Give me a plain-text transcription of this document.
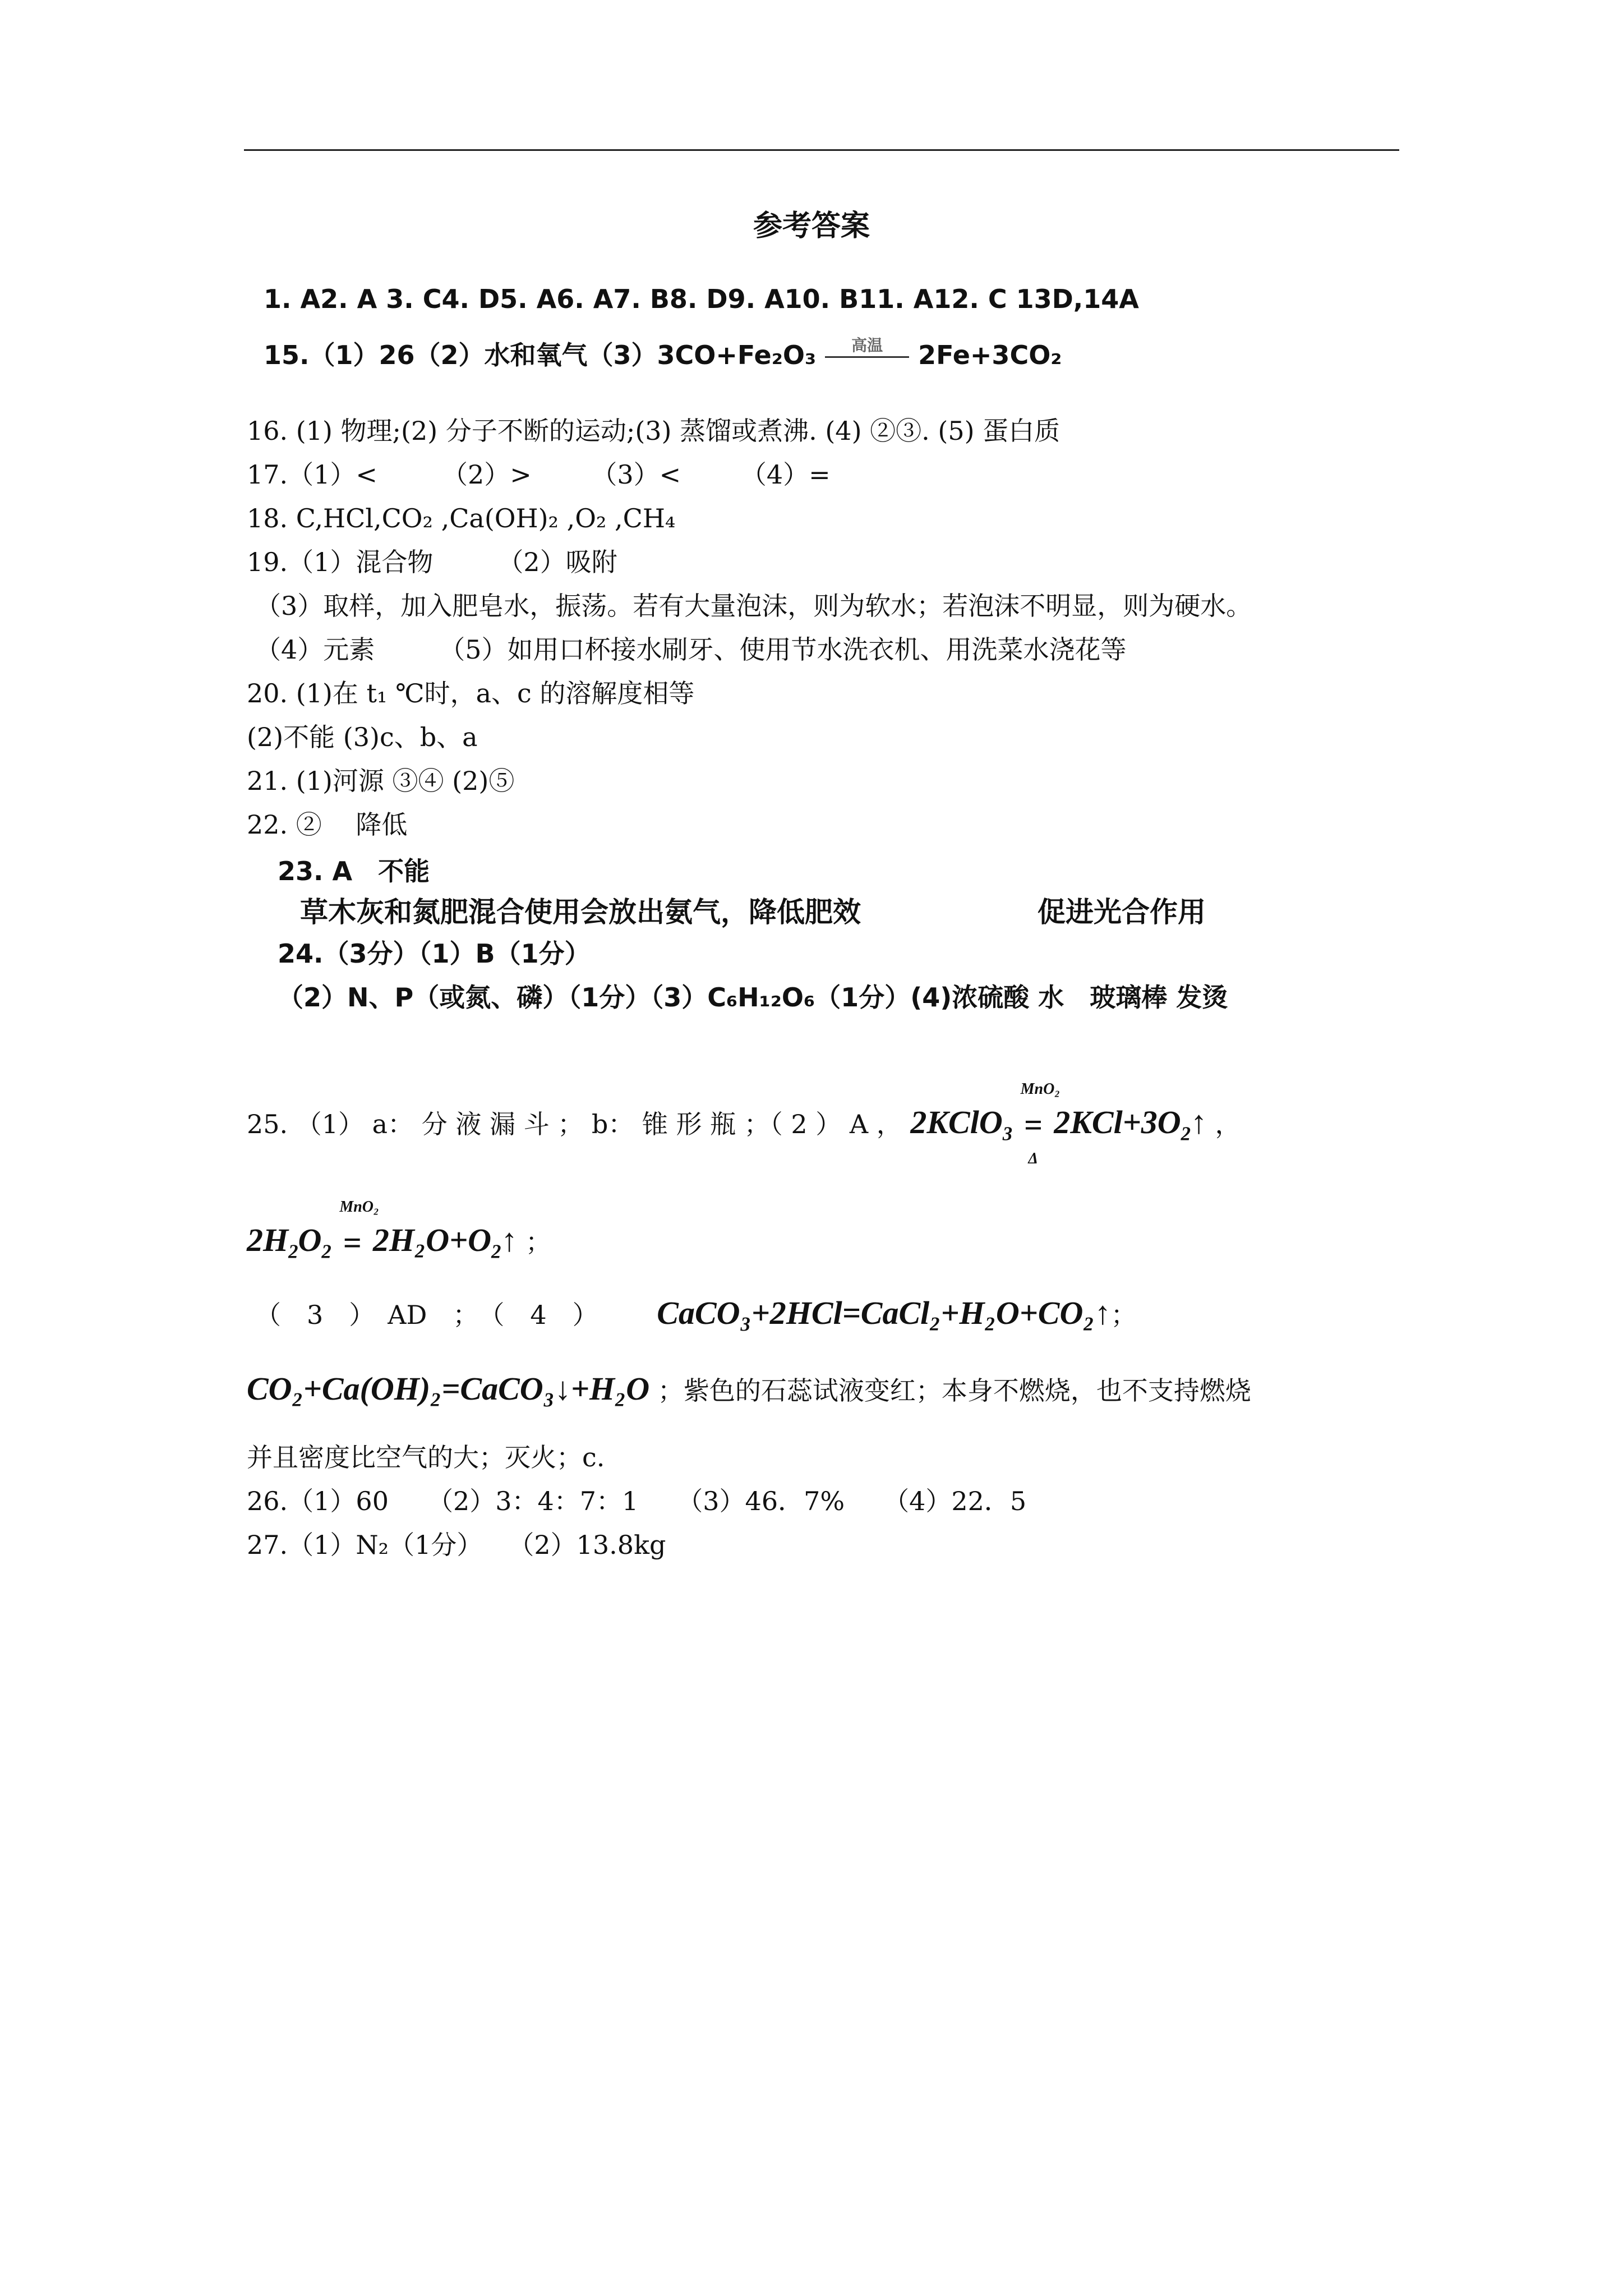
参考答案
1. A2. A 3. C4. D5. A6. A7. B8. D9. A10. B11. A12. C 13D,14A
15.（1）26（2）水和氧气（3）3CO+Fe₂O₃	高温	2Fe+3CO₂
16. (1) 物理;(2) 分子不断的运动;(3) 蒸馏或煮沸. (4) ②③. (5) 蛋白质
17.（1）<　　　（2）>　　 （3）<　　 （4）=
18. C,HCl,CO₂ ,Ca(OH)₂ ,O₂ ,CH₄
19.（1）混合物　　　（2）吸附
（3）取样，加入肥皂水，振荡。若有大量泡沫，则为软水；若泡沫不明显，则为硬水。
（4）元素　　　（5）如用口杯接水刷牙、使用节水洗衣机、用洗菜水浇花等
20. (1)在 t₁ ℃时，a、c 的溶解度相等
(2)不能 (3)c、b、a
21. (1)河源 ③④ (2)⑤
22. ②　 降低
23. A　不能
草木灰和氮肥混合使用会放出氨气，降低肥效	促进光合作用
24.（3分）（1）B（1分）
（2）N、P（或氮、磷）（1分）（3）C₆H₁₂O₆（1分）(4)浓硫酸 水　玻璃棒 发烫
25. （1） a： 分 液 漏 斗 ； b： 锥 形 瓶 ；（ 2 ） A ， 2KClO$_3$
MnO₂
=
Δ
$2KCl+3O_2↑$ ，
$2H_2O_2$
MnO₂
= $2H_2O+O_2↑$ ；
（　3　）　AD　；　（　4　） CaCO₃+2HCl=CaCl₂+H₂O+CO₂↑；
CO₂+Ca(OH)₂=CaCO₃↓+H₂O ；紫色的石蕊试液变红；本身不燃烧，也不支持燃烧
并且密度比空气的大；灭火；c.
26.（1）60　　（2）3：4：7：1　　（3）46．7%　　（4）22．5
27.（1）N₂（1分）　　（2）13.8kg
